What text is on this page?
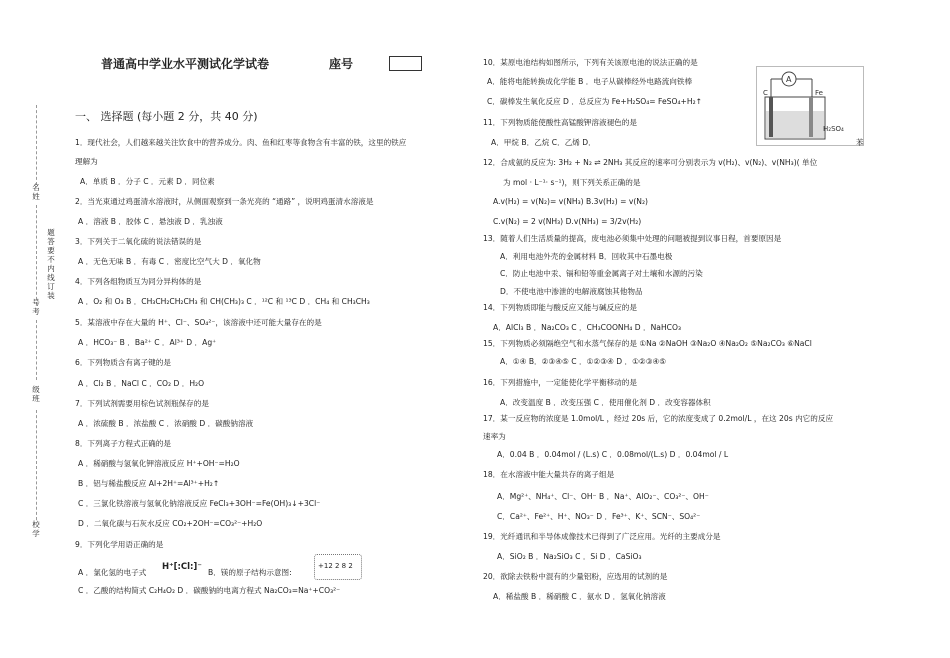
普通高中学业水平测试化学试卷	座号
名姓
题答要不内线订装
号考
级班
校学
一、 选择题 (每小题 2 分，共 40 分)
1．现代社会，人们越来越关注饮食中的营养成分。肉、鱼和红枣等食物含有丰富的铁，这里的铁应
理解为
A．单质 B ．分子 C ．元素 D ．同位素
2．当光束通过鸡蛋清水溶液时，从侧面观察到一条光亮的 “通路” ，说明鸡蛋清水溶液是
A ．溶液 B ．胶体 C ．悬浊液 D ．乳浊液
3．下列关于二氧化硫的说法错误的是
A ．无色无味 B ．有毒 C ．密度比空气大 D ．氧化物
4．下列各组物质互为同分异构体的是
A ．O₂ 和 O₃ B ．CH₃CH₂CH₂CH₃ 和 CH(CH₃)₃ C ．¹²C 和 ¹³C D ．CH₄ 和 CH₃CH₃
5．某溶液中存在大量的 H⁺、Cl⁻、SO₄²⁻，该溶液中还可能大量存在的是
A ．HCO₃⁻ B ．Ba²⁺ C ．Al³⁺ D ．Ag⁺
6．下列物质含有离子键的是
A ．Cl₂ B ．NaCl C ．CO₂ D ．H₂O
7．下列试剂需要用棕色试剂瓶保存的是
A ．浓硫酸 B ．浓盐酸 C ．浓硝酸 D ．碳酸钠溶液
8．下列离子方程式正确的是
A ．稀硝酸与氢氧化钾溶液反应 H⁺+OH⁻=H₂O
B ．铝与稀盐酸反应 Al+2H⁺=Al³⁺+H₂↑
C ．三氯化铁溶液与氢氧化钠溶液反应 FeCl₃+3OH⁻=Fe(OH)₃↓+3Cl⁻
D ．二氧化碳与石灰水反应 CO₂+2OH⁻=CO₃²⁻+H₂O
9．下列化学用语正确的是
A ．氯化氢的电子式
H⁺[:Cl:]⁻
B．镁的原子结构示意图:
+12 2 8 2
C ．乙酸的结构简式 C₂H₄O₂ D ．碳酸钠的电离方程式 Na₂CO₃=Na⁺+CO₃²⁻
10．某原电池结构如图所示，下列有关该原电池的说法正确的是
A．能将电能转换成化学能 B ．电子从碳棒经外电路流向铁棒
C．碳棒发生氧化反应 D ．总反应为 Fe+H₂SO₄= FeSO₄+H₂↑
A
C	Fe
H₂SO₄
11．下列物质能使酸性高锰酸钾溶液褪色的是
A．甲烷 B．乙烷 C．乙烯 D．	苯
12．合成氨的反应为: 3H₂ + N₂ ⇌ 2NH₃ 其反应的速率可分别表示为 v(H₂)、v(N₂)、v(NH₃)( 单位
为 mol · L⁻¹· s⁻¹)，则下列关系正确的是
A.v(H₂) = v(N₂)= v(NH₃) B.3v(H₂) = v(N₂)
C.v(N₂) = 2 v(NH₃) D.v(NH₃) = 3/2v(H₂)
13．随着人们生活质量的提高，废电池必须集中处理的问题被提到议事日程，首要原因是
A．利用电池外壳的金属材料 B．回收其中石墨电极
C．防止电池中汞、镉和铅等重金属离子对土壤和水源的污染
D．不使电池中渗泄的电解液腐蚀其他物品
14．下列物质即能与酸反应又能与碱反应的是
A．AlCl₃ B ．Na₂CO₃ C ．CH₃COONH₄ D ．NaHCO₃
15．下列物质必须隔绝空气和水蒸气保存的是 ①Na ②NaOH ③Na₂O ④Na₂O₂ ⑤Na₂CO₃ ⑥NaCl
A．①④ B．②③④⑤ C ．①②③④ D ．①②③④⑤
16．下列措施中，一定能使化学平衡移动的是
A．改变温度 B ．改变压强 C ．使用催化剂 D ．改变容器体积
17．某一反应物的浓度是 1.0mol/L ，经过 20s 后，它的浓度变成了 0.2mol/L ，在这 20s 内它的反应
速率为
A．0.04 B ．0.04mol / (L.s) C ．0.08mol/(L.s) D ．0.04mol / L
18．在水溶液中能大量共存的离子组是
A．Mg²⁺、NH₄⁺、Cl⁻、OH⁻ B ．Na⁺、AlO₂⁻、CO₃²⁻、OH⁻
C．Ca²⁺、Fe²⁺、H⁺、NO₃⁻ D ．Fe³⁺、K⁺、SCN⁻、SO₄²⁻
19．光纤通讯和半导体成像技术已得到了广泛应用。光纤的主要成分是
A．SiO₂ B ．Na₂SiO₃ C ．Si D ．CaSiO₃
20．欲除去铁粉中混有的少量铝粉，应选用的试剂的是
A．稀盐酸 B ．稀硝酸 C ．氨水 D ．氢氧化钠溶液
